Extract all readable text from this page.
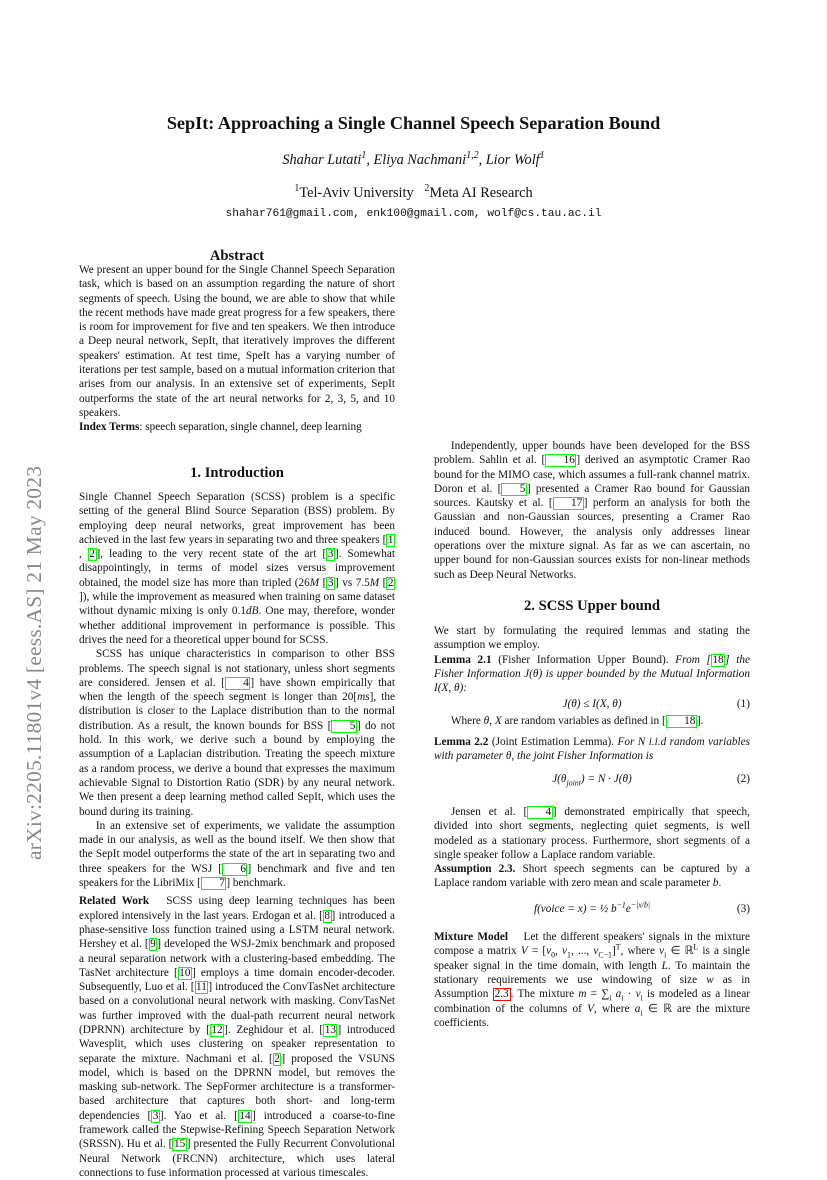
SepIt: Approaching a Single Channel Speech Separation Bound
Shahar Lutati$^1$, Eliya Nachmani$^{1,2}$, Lior Wolf$^1$
$^1$Tel-Aviv University $^2$Meta AI Research
shahar761@gmail.com, enk100@gmail.com, wolf@cs.tau.ac.il
arXiv:2205.11801v4 [eess.AS] 21 May 2023
Abstract

We present an upper bound for the Single Channel Speech Separation task, which is based on an assumption regarding the nature of short segments of speech. Using the bound, we are able to show that while the recent methods have made great progress for a few speakers, there is room for improvement for five and ten speakers. We then introduce a Deep neural network, SepIt, that iteratively improves the different speakers' estimation. At test time, SpeIt has a varying number of iterations per test sample, based on a mutual information criterion that arises from our analysis. In an extensive set of experiments, SepIt outperforms the state of the art neural networks for 2, 3, 5, and 10 speakers.

Index Terms: speech separation, single channel, deep learning

1. Introduction

Single Channel Speech Separation (SCSS) problem is a specific setting of the general Blind Source Separation (BSS) problem. By employing deep neural networks, great improvement has been achieved in the last few years in separating two and three speakers [ 1, 2 ], leading to the very recent state of the art [ 3 ]. Somewhat disappointingly, in terms of model sizes versus improvement obtained, the model size has more than tripled (26M [ 3 ] vs 7.5M [ 2]), while the improvement as measured when training on same dataset without dynamic mixing is only 0.1dB. One may, therefore, wonder whether additional improvement in performance is possible. This drives the need for a theoretical upper bound for SCSS.

SCSS has unique characteristics in comparison to other BSS problems. The speech signal is not stationary, unless short segments are considered. Jensen et al. [ 4 ] have shown empirically that when the length of the speech segment is longer than 20[ms], the distribution is closer to the Laplace distribution than to the normal distribution. As a result, the known bounds for BSS [ 5 ] do not hold. In this work, we derive such a bound by employing the assumption of a Laplacian distribution. Treating the speech mixture as a random process, we derive a bound that expresses the maximum achievable Signal to Distortion Ratio (SDR) by any neural network. We then present a deep learning method called SepIt, which uses the bound during its training.

In an extensive set of experiments, we validate the assumption made in our analysis, as well as the bound itself. We then show that the SepIt model outperforms the state of the art in separating two and three speakers for the WSJ [ 6 ] benchmark and five and ten speakers for the LibriMix [ 7 ] benchmark.

Related Work  SCSS using deep learning techniques has been explored intensively in the last years. Erdogan et al. [ 8 ] introduced a phase-sensitive loss function trained using a LSTM neural network. Hershey et al. [ 9 ] developed the WSJ-2mix benchmark and proposed a neural separation network with a clustering-based embedding. The TasNet architecture [ 10 ] employs a time domain encoder-decoder. Subsequently, Luo et al. [ 11 ] introduced the ConvTasNet architecture based on a convolutional neural network with masking. ConvTasNet was further improved with the dual-path recurrent neural network (DPRNN) architecture by [ 12 ]. Zeghidour et al. [ 13 ] introduced Wavesplit, which uses clustering on speaker representation to separate the mixture. Nachmani et al. [ 2 ] proposed the VSUNS model, which is based on the DPRNN model, but removes the masking sub-network. The SepFormer architecture is a transformer-based architecture that captures both short- and long-term dependencies [ 3 ]. Yao et al. [ 14 ] introduced a coarse-to-fine framework called the Stepwise-Refining Speech Separation Network (SRSSN). Hu et al. [ 15 ] presented the Fully Recurrent Convolutional Neural Network (FRCNN) architecture, which uses lateral connections to fuse information processed at various timescales.

Independently, upper bounds have been developed for the BSS problem. Sahlin et al. [ 16 ] derived an asymptotic Cramer Rao bound for the MIMO case, which assumes a full-rank channel matrix. Doron et al. [ 5 ] presented a Cramer Rao bound for Gaussian sources. Kautsky et al. [ 17 ] perform an analysis for both the Gaussian and non-Gaussian sources, presenting a Cramer Rao induced bound. However, the analysis only addresses linear operations over the mixture signal. As far as we can ascertain, no upper bound for non-Gaussian sources exists for non-linear methods such as Deep Neural Networks.

2. SCSS Upper bound

We start by formulating the required lemmas and stating the assumption we employ.

Lemma 2.1 (Fisher Information Upper Bound). From [ 18 ] the Fisher Information J(θ) is upper bounded by the Mutual Information I(X, θ):

J(θ) ≤ I(X, θ)	(1)

Where θ, X are random variables as defined in [ 18 ].

Lemma 2.2 (Joint Estimation Lemma). For N i.i.d random variables with parameter θ, the joint Fisher Information is

$J(\theta_{joint}) = N \cdot J(\theta)$	(2)

Jensen et al. [ 4 ] demonstrated empirically that speech, divided into short segments, neglecting quiet segments, is well modeled as a stationary process. Furthermore, short segments of a single speaker follow a Laplace random variable.

Assumption 2.3. Short speech segments can be captured by a Laplace random variable with zero mean and scale parameter b.

f(voice = x) = ½ $b^{-1}e^{-|x/b|}$	(3)

Mixture Model  Let the different speakers' signals in the mixture compose a matrix $V = [v_0$, $v_1$, ..., $v_{C-1}]^T$, where $v_i$ ∈ ℝ$^L$ is a single speaker signal in the time domain, with length L. To maintain the stationary requirements we use windowing of size w as in Assumption 2.3 . The mixture $m = \sum_i$ $a_i \cdot v_i$ is modeled as a linear combination of the columns of V, where $a_i$ ∈ ℝ are the mixture coefficients.
